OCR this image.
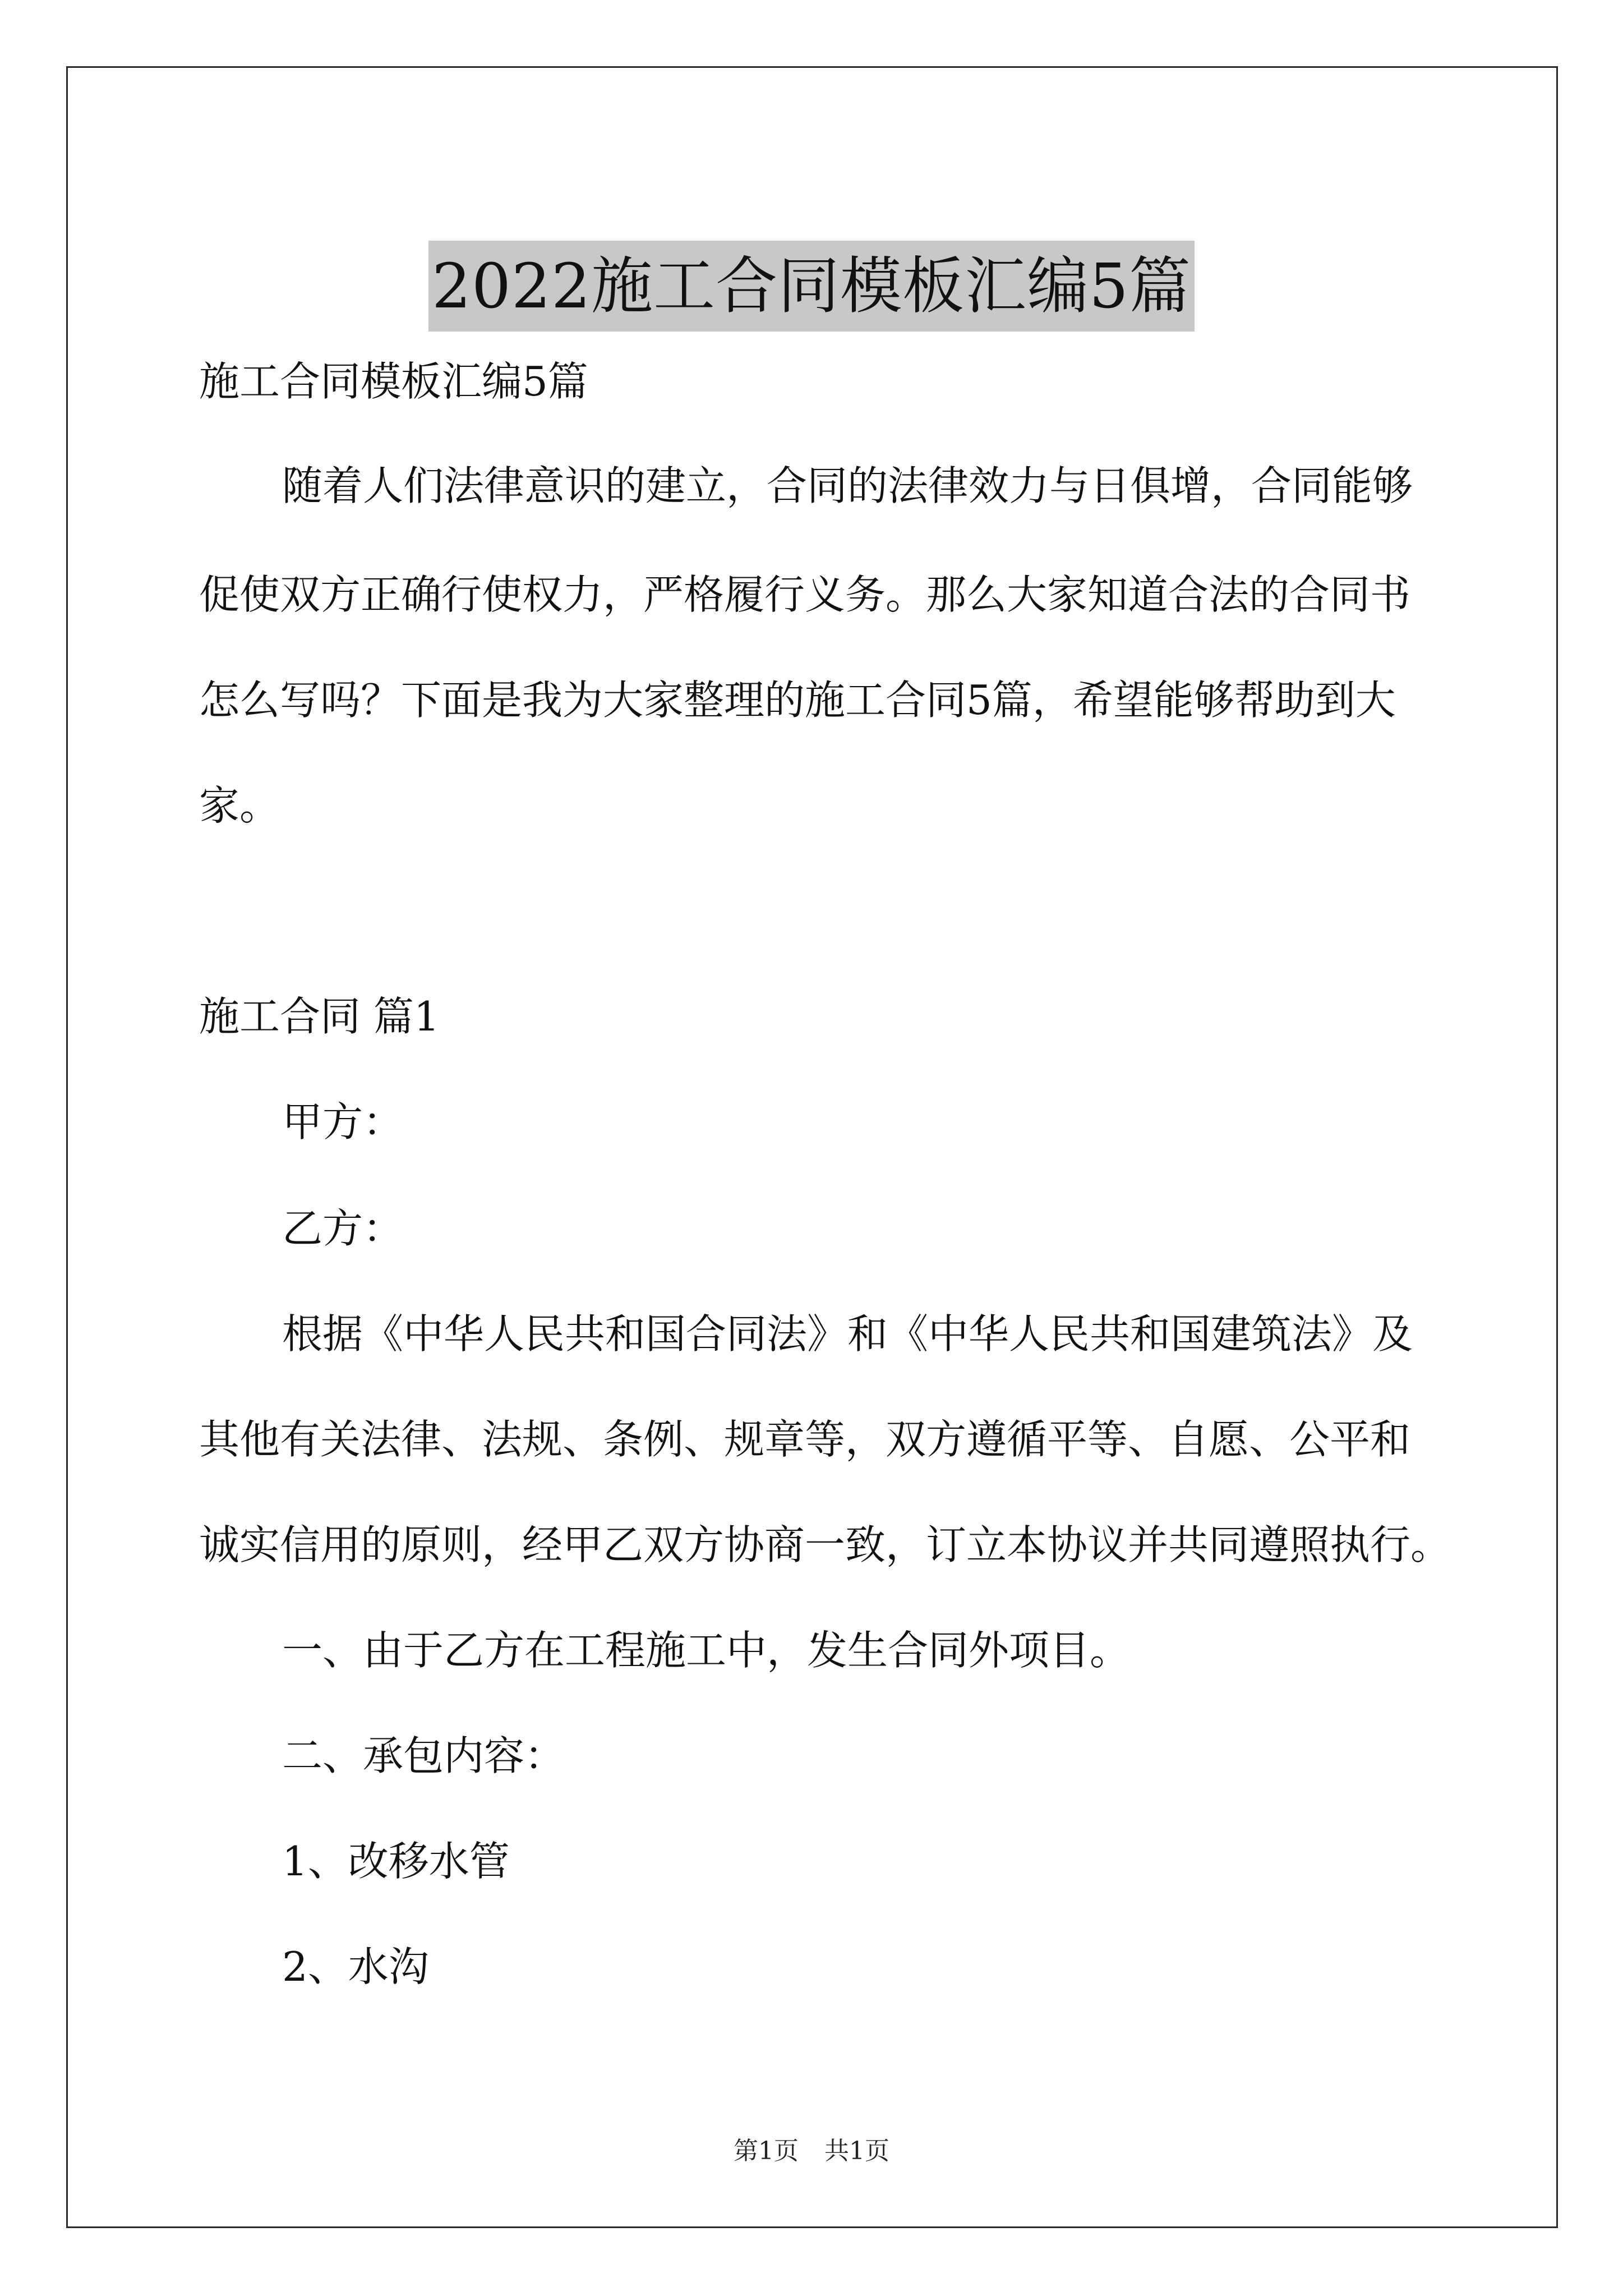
2022施工合同模板汇编5篇

施工合同模板汇编5篇

随着人们法律意识的建立，合同的法律效力与日俱增，合同能够

促使双方正确行使权力，严格履行义务。那么大家知道合法的合同书

怎么写吗？下面是我为大家整理的施工合同5篇，希望能够帮助到大

家。

施工合同 篇1

甲方：

乙方：

根据《中华人民共和国合同法》和《中华人民共和国建筑法》及

其他有关法律、法规、条例、规章等，双方遵循平等、自愿、公平和

诚实信用的原则，经甲乙双方协商一致，订立本协议并共同遵照执行。

一、由于乙方在工程施工中，发生合同外项目。

二、承包内容：

1、改移水管

2、水沟

第1页 共1页
